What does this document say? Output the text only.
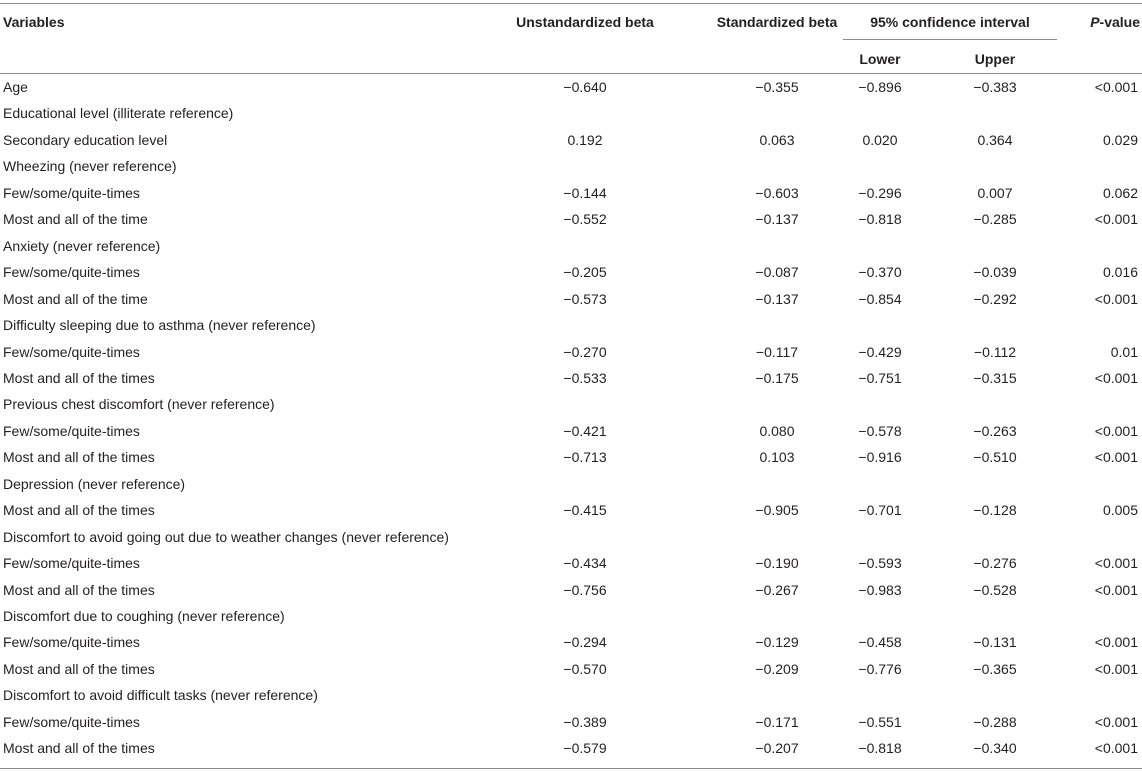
Variables	Unstandardized beta	Standardized beta	95% confidence interval	P-value
Lower	Upper
Age	−0.640	−0.355	−0.896	−0.383	<0.001
Educational level (illiterate reference)
Secondary education level	0.192	0.063	0.020	0.364	0.029
Wheezing (never reference)
Few/some/quite-times	−0.144	−0.603	−0.296	0.007	0.062
Most and all of the time	−0.552	−0.137	−0.818	−0.285	<0.001
Anxiety (never reference)
Few/some/quite-times	−0.205	−0.087	−0.370	−0.039	0.016
Most and all of the time	−0.573	−0.137	−0.854	−0.292	<0.001
Difficulty sleeping due to asthma (never reference)
Few/some/quite-times	−0.270	−0.117	−0.429	−0.112	0.01
Most and all of the times	−0.533	−0.175	−0.751	−0.315	<0.001
Previous chest discomfort (never reference)
Few/some/quite-times	−0.421	0.080	−0.578	−0.263	<0.001
Most and all of the times	−0.713	0.103	−0.916	−0.510	<0.001
Depression (never reference)
Most and all of the times	−0.415	−0.905	−0.701	−0.128	0.005
Discomfort to avoid going out due to weather changes (never reference)
Few/some/quite-times	−0.434	−0.190	−0.593	−0.276	<0.001
Most and all of the times	−0.756	−0.267	−0.983	−0.528	<0.001
Discomfort due to coughing (never reference)
Few/some/quite-times	−0.294	−0.129	−0.458	−0.131	<0.001
Most and all of the times	−0.570	−0.209	−0.776	−0.365	<0.001
Discomfort to avoid difficult tasks (never reference)
Few/some/quite-times	−0.389	−0.171	−0.551	−0.288	<0.001
Most and all of the times	−0.579	−0.207	−0.818	−0.340	<0.001
